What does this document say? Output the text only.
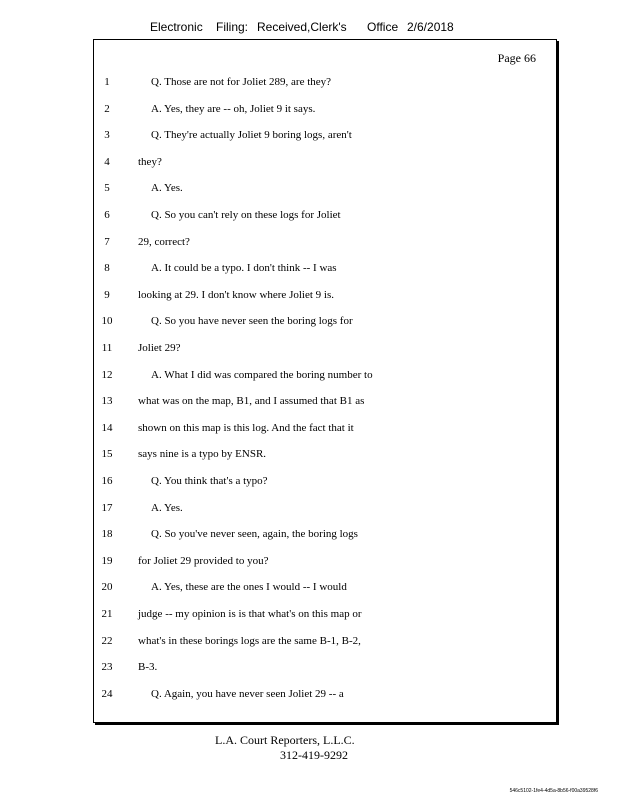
Electronic Filing: Received,Clerk's Office 2/6/2018
Page 66
1	Q. Those are not for Joliet 289, are they?
2	A. Yes, they are -- oh, Joliet 9 it says.
3	Q. They're actually Joliet 9 boring logs, aren't
4	they?
5	A. Yes.
6	Q. So you can't rely on these logs for Joliet
7	29, correct?
8	A. It could be a typo. I don't think -- I was
9	looking at 29. I don't know where Joliet 9 is.
10	Q. So you have never seen the boring logs for
11	Joliet 29?
12	A. What I did was compared the boring number to
13	what was on the map, B1, and I assumed that B1 as
14	shown on this map is this log. And the fact that it
15	says nine is a typo by ENSR.
16	Q. You think that's a typo?
17	A. Yes.
18	Q. So you've never seen, again, the boring logs
19	for Joliet 29 provided to you?
20	A. Yes, these are the ones I would -- I would
21	judge -- my opinion is is that what's on this map or
22	what's in these borings logs are the same B-1, B-2,
23	B-3.
24	Q. Again, you have never seen Joliet 29 -- a
L.A. Court Reporters, L.L.C.
312-419-9292
546c5102-1fe4-4d5a-8b56-f00a39528f6
